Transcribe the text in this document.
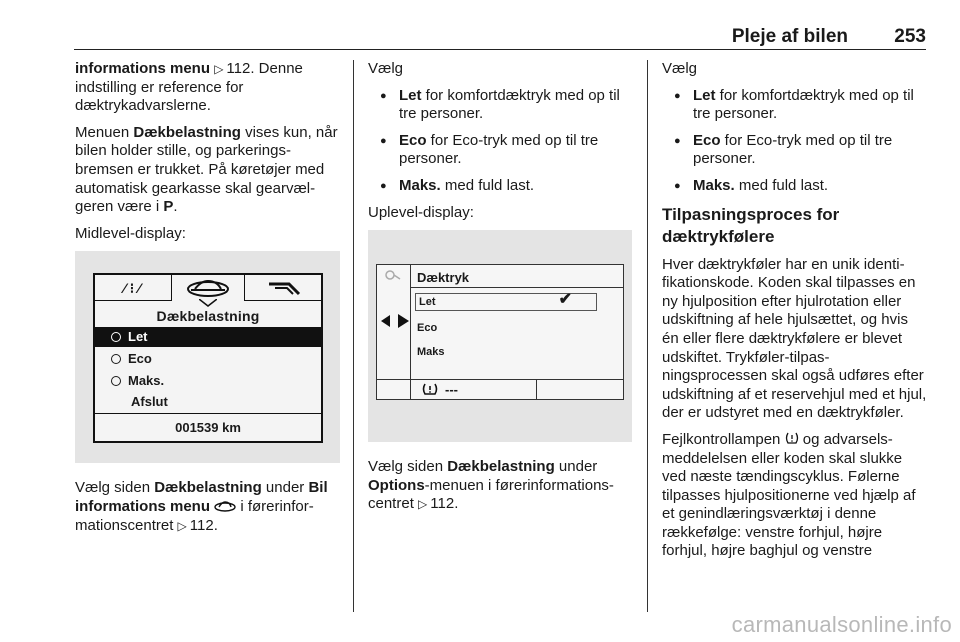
Pleje af bilen 253

informations menu ▷ 112. Denne indstilling er reference for dæktrykadvarslerne.

Menuen Dækbelastning vises kun, når bilen holder stille, og parkeringsbremsen er trukket. På køretøjer med automatisk gearkasse skal gearvælgeren være i P.

Midlevel-display:

⁄ ⁝ ⁄
Dækbelastning
Let
Eco
Maks.
Afslut
001539 km

Vælg siden Dækbelastning under Bil informations menu  i førerinformationscentret ▷ 112.

Vælg

● Let for komfortdæktryk med op til tre personer.
● Eco for Eco-tryk med op til tre personer.
● Maks. med fuld last.

Uplevel-display:

Dæktryk
Let	✔
Eco
Maks
---

Vælg siden Dækbelastning under Options-menuen i førerinformationscentret ▷ 112.

Vælg

● Let for komfortdæktryk med op til tre personer.
● Eco for Eco-tryk med op til tre personer.
● Maks. med fuld last.
Tilpasningsproces for dæktrykfølere

Hver dæktrykføler har en unik identifikationskode. Koden skal tilpasses en ny hjulposition efter hjulrotation eller udskiftning af hele hjulsættet, og hvis én eller flere dæktrykfølere er blevet udskiftet. Trykføler-tilpasningsprocessen skal også udføres efter udskiftning af et reservehjul med et hjul, der er udstyret med en dæktrykføler.

Fejlkontrollampen  og advarselsmeddelelsen eller koden skal slukke ved næste tændingscyklus. Følerne tilpasses hjulpositionerne ved hjælp af et genindlæringsværktøj i denne rækkefølge: venstre forhjul, højre forhjul, højre baghjul og venstre

carmanualsonline.info
